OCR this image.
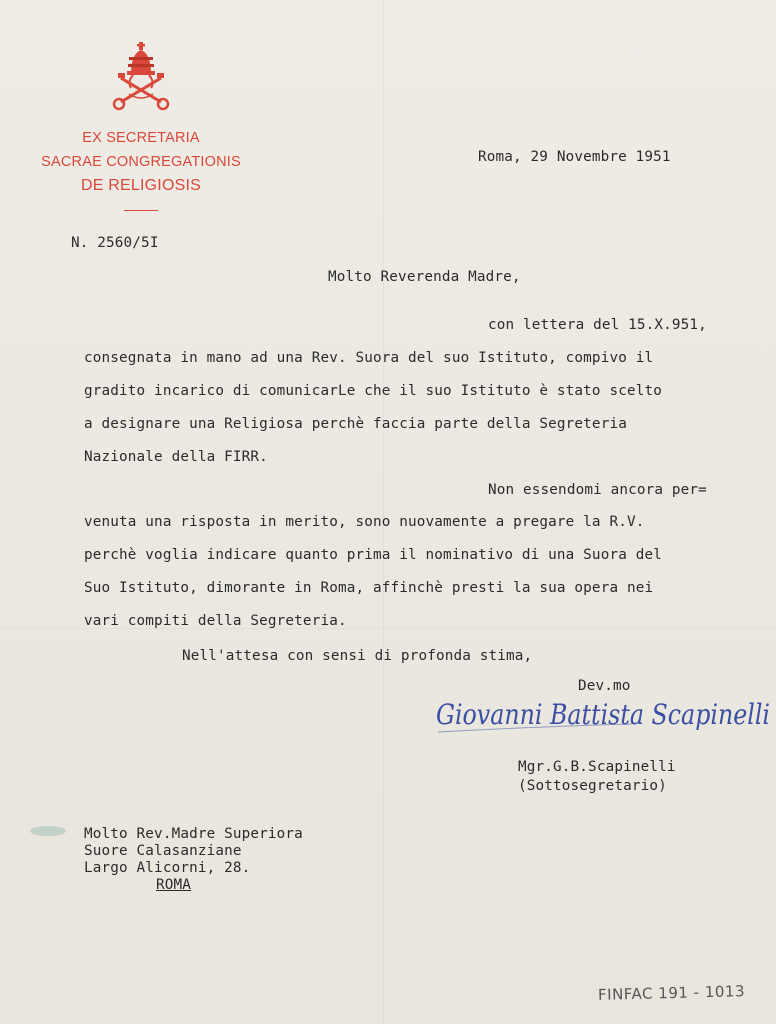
EX SECRETARIA
SACRAE CONGREGATIONIS
DE RELIGIOSIS
Roma, 29 Novembre 1951
N. 2560/5I
Molto Reverenda Madre,
con lettera del 15.X.951,
consegnata in mano ad una Rev. Suora del suo Istituto, compivo il
gradito incarico di comunicarLe che il suo Istituto è stato scelto
a designare una Religiosa perchè faccia parte della Segreteria
Nazionale della FIRR.
Non essendomi ancora per=
venuta una risposta in merito, sono nuovamente a pregare la R.V.
perchè voglia indicare quanto prima il nominativo di una Suora del
Suo Istituto, dimorante in Roma, affinchè presti la sua opera nei
vari compiti della Segreteria.
Nell'attesa con sensi di profonda stima,
Dev.mo
Giovanni Battista Scapinelli
Mgr.G.B.Scapinelli
(Sottosegretario)
Molto Rev.Madre Superiora
Suore Calasanziane
Largo Alicorni, 28.
ROMA
FINFAC 191 - 1013
